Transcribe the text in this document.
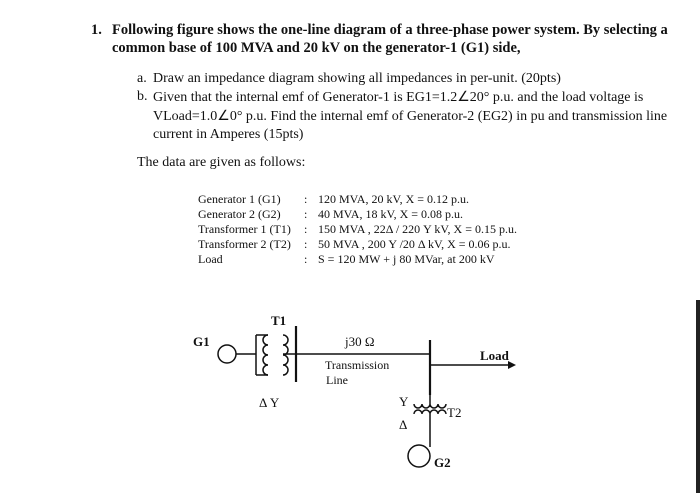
1. Following figure shows the one-line diagram of a three-phase power system. By selecting a
common base of 100 MVA and 20 kV on the generator-1 (G1) side,
a. Draw an impedance diagram showing all impedances in per-unit. (20pts)
b. Given that the internal emf of Generator-1 is EG1=1.2∠20° p.u. and the load voltage is
VLoad=1.0∠0° p.u. Find the internal emf of Generator-2 (EG2) in pu and transmission line
current in Amperes (15pts)
The data are given as follows:
Generator 1 (G1) : 120 MVA, 20 kV, X = 0.12 p.u.
Generator 2 (G2) : 40 MVA, 18 kV, X = 0.08 p.u.
Transformer 1 (T1) : 150 MVA , 22Δ / 220 Y kV, X = 0.15 p.u.
Transformer 2 (T2) : 50 MVA , 200 Y /20 Δ kV, X = 0.06 p.u.
Load	: S = 120 MW + j 80 MVar, at 200 kV
T1
G1
Δ Y
j30 Ω
Transmission
Line
Load
Y
Δ
T2
G2
